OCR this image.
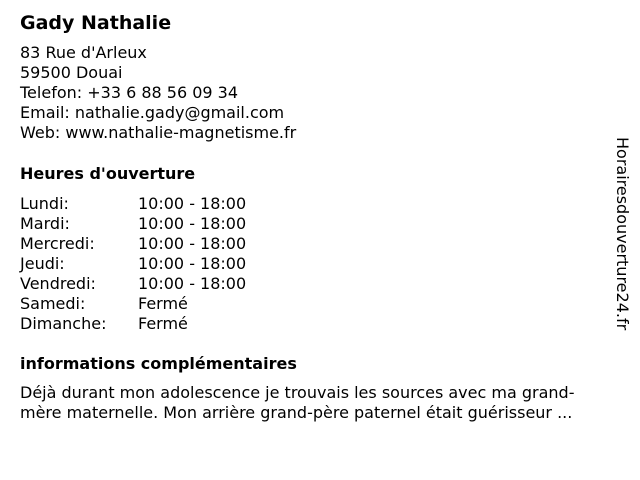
Gady Nathalie
83 Rue d'Arleux
59500 Douai
Telefon: +33 6 88 56 09 34
Email: nathalie.gady@gmail.com
Web: www.nathalie-magnetisme.fr
Heures d'ouverture
Lundi:	10:00 - 18:00
Mardi:	10:00 - 18:00
Mercredi:	10:00 - 18:00
Jeudi:	10:00 - 18:00
Vendredi:	10:00 - 18:00
Samedi:	Fermé
Dimanche:	Fermé
informations complémentaires
Déjà durant mon adolescence je trouvais les sources avec ma grand-
mère maternelle. Mon arrière grand-père paternel était guérisseur ...
Horairesdouverture24.fr
